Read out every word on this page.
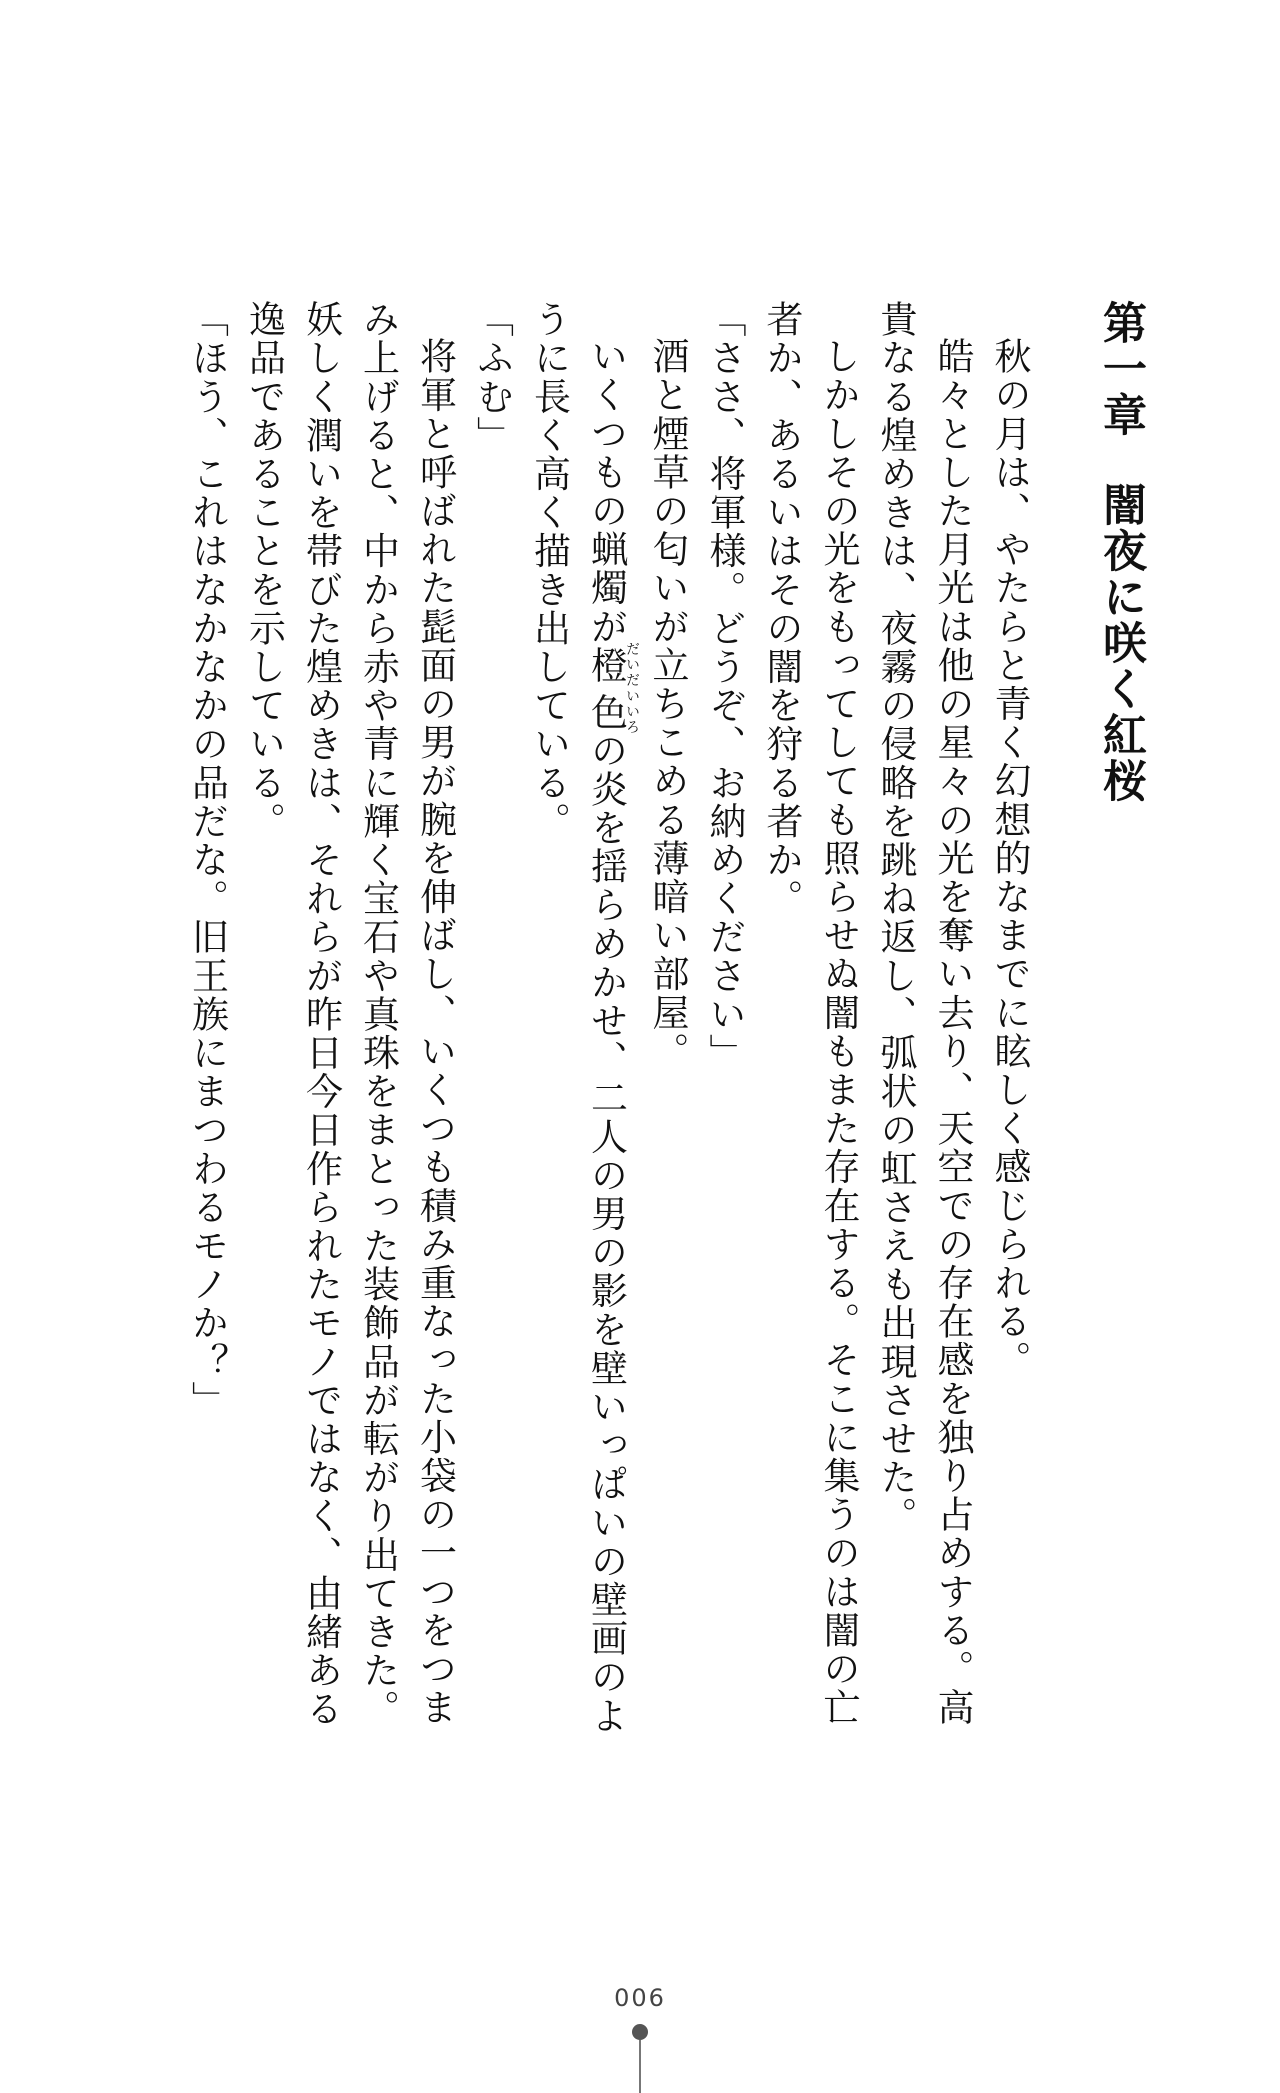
第一章闇夜に咲く紅桜

秋の月は、やたらと青く幻想的なまでに眩しく感じられる。

皓々とした月光は他の星々の光を奪い去り、天空での存在感を独り占めする。高貴なる煌めきは、夜霧の侵略を跳ね返し、弧状の虹さえも出現させた。

しかしその光をもってしても照らせぬ闇もまた存在する。そこに集うのは闇の亡者か、あるいはその闇を狩る者か。

「ささ、将軍様。どうぞ、お納めください」

酒と煙草の匂いが立ちこめる薄暗い部屋。

いくつもの蝋燭が橙色だいだいいろの炎を揺らめかせ、二人の男の影を壁いっぱいの壁画のように長く高く描き出している。

「ふむ」

将軍と呼ばれた髭面の男が腕を伸ばし、いくつも積み重なった小袋の一つをつまみ上げると、中から赤や青に輝く宝石や真珠をまとった装飾品が転がり出てきた。妖しく潤いを帯びた煌めきは、それらが昨日今日作られたモノではなく、由緒ある逸品であることを示している。

「ほう、これはなかなかの品だな。旧王族にまつわるモノか？」

006
